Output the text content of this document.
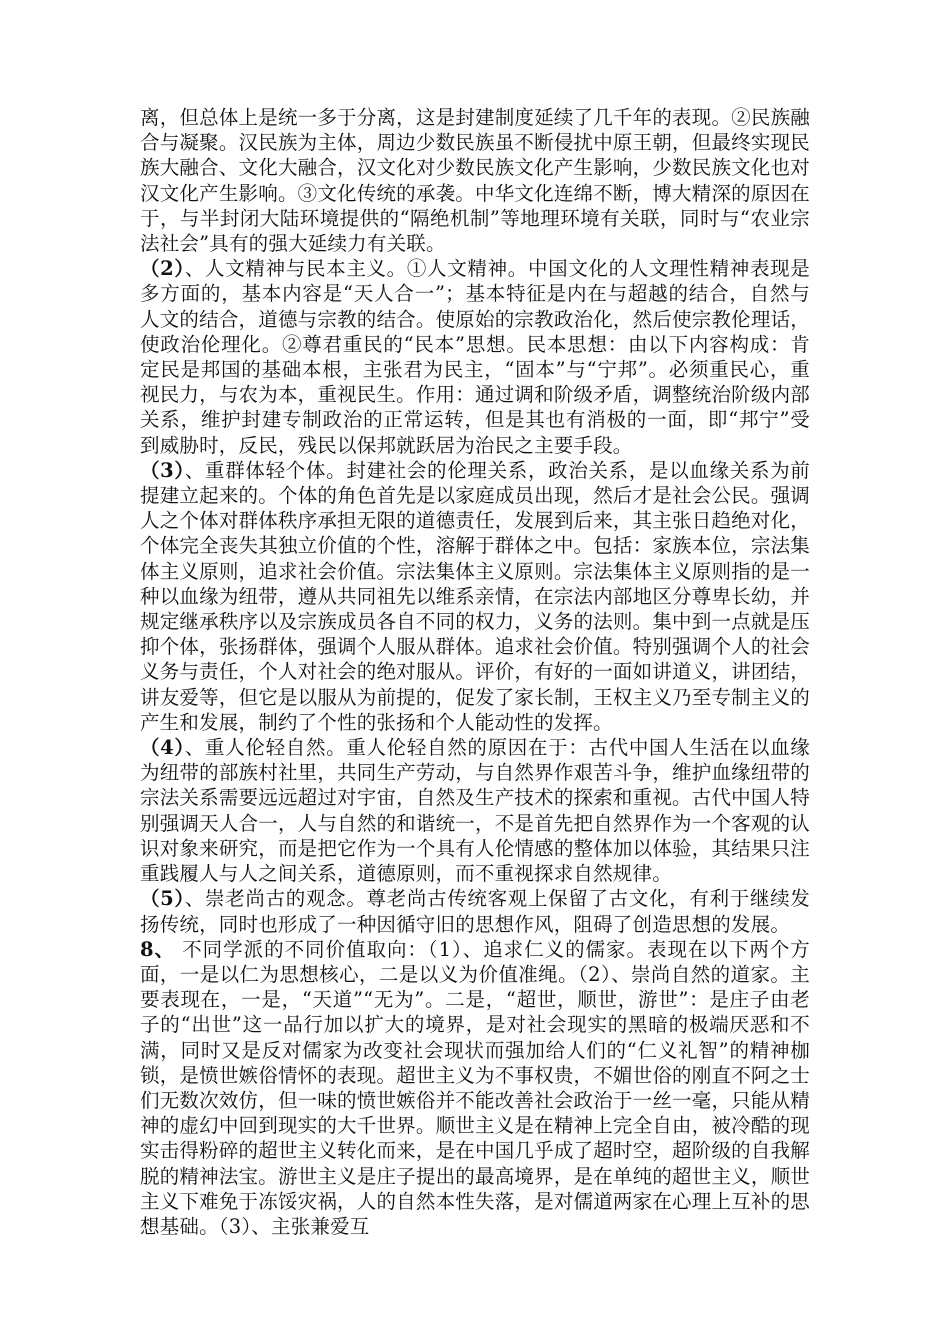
离，但总体上是统一多于分离，这是封建制度延续了几千年的表现。②民族融合与凝聚。汉民族为主体，周边少数民族虽不断侵扰中原王朝，但最终实现民族大融合、文化大融合，汉文化对少数民族文化产生影响，少数民族文化也对汉文化产生影响。③文化传统的承袭。中华文化连绵不断，博大精深的原因在于，与半封闭大陆环境提供的“隔绝机制”等地理环境有关联，同时与“农业宗法社会”具有的强大延续力有关联。

（2）、人文精神与民本主义。①人文精神。中国文化的人文理性精神表现是多方面的，基本内容是“天人合一”；基本特征是内在与超越的结合，自然与人文的结合，道德与宗教的结合。使原始的宗教政治化，然后使宗教伦理话，使政治伦理化。②尊君重民的“民本”思想。民本思想：由以下内容构成：肯定民是邦国的基础本根，主张君为民主，“固本”与“宁邦”。必须重民心，重视民力，与农为本，重视民生。作用：通过调和阶级矛盾，调整统治阶级内部关系，维护封建专制政治的正常运转，但是其也有消极的一面，即“邦宁”受到威胁时，反民，残民以保邦就跃居为治民之主要手段。

（3）、重群体轻个体。封建社会的伦理关系，政治关系，是以血缘关系为前提建立起来的。个体的角色首先是以家庭成员出现，然后才是社会公民。强调人之个体对群体秩序承担无限的道德责任，发展到后来，其主张日趋绝对化，个体完全丧失其独立价值的个性，溶解于群体之中。包括：家族本位，宗法集体主义原则，追求社会价值。宗法集体主义原则。宗法集体主义原则指的是一种以血缘为纽带，遵从共同祖先以维系亲情，在宗法内部地区分尊卑长幼，并规定继承秩序以及宗族成员各自不同的权力，义务的法则。集中到一点就是压抑个体，张扬群体，强调个人服从群体。追求社会价值。特别强调个人的社会义务与责任，个人对社会的绝对服从。评价，有好的一面如讲道义，讲团结，讲友爱等，但它是以服从为前提的，促发了家长制，王权主义乃至专制主义的产生和发展，制约了个性的张扬和个人能动性的发挥。

（4）、重人伦轻自然。重人伦轻自然的原因在于：古代中国人生活在以血缘为纽带的部族村社里，共同生产劳动，与自然界作艰苦斗争，维护血缘纽带的宗法关系需要远远超过对宇宙，自然及生产技术的探索和重视。古代中国人特别强调天人合一，人与自然的和谐统一，不是首先把自然界作为一个客观的认识对象来研究，而是把它作为一个具有人伦情感的整体加以体验，其结果只注重践履人与人之间关系，道德原则，而不重视探求自然规律。

（5）、崇老尚古的观念。尊老尚古传统客观上保留了古文化，有利于继续发扬传统，同时也形成了一种因循守旧的思想作风，阻碍了创造思想的发展。

8、 不同学派的不同价值取向：（1）、追求仁义的儒家。表现在以下两个方面，一是以仁为思想核心，二是以义为价值准绳。（2）、崇尚自然的道家。主要表现在，一是，“天道”“无为”。二是，“超世，顺世，游世”：是庄子由老子的“出世”这一品行加以扩大的境界，是对社会现实的黑暗的极端厌恶和不满，同时又是反对儒家为改变社会现状而强加给人们的“仁义礼智”的精神枷锁，是愤世嫉俗情怀的表现。超世主义为不事权贵，不媚世俗的刚直不阿之士们无数次效仿，但一味的愤世嫉俗并不能改善社会政治于一丝一毫，只能从精神的虚幻中回到现实的大千世界。顺世主义是在精神上完全自由，被冷酷的现实击得粉碎的超世主义转化而来，是在中国几乎成了超时空，超阶级的自我解脱的精神法宝。游世主义是庄子提出的最高境界，是在单纯的超世主义，顺世主义下难免于冻馁灾祸，人的自然本性失落，是对儒道两家在心理上互补的思想基础。（3）、主张兼爱互
